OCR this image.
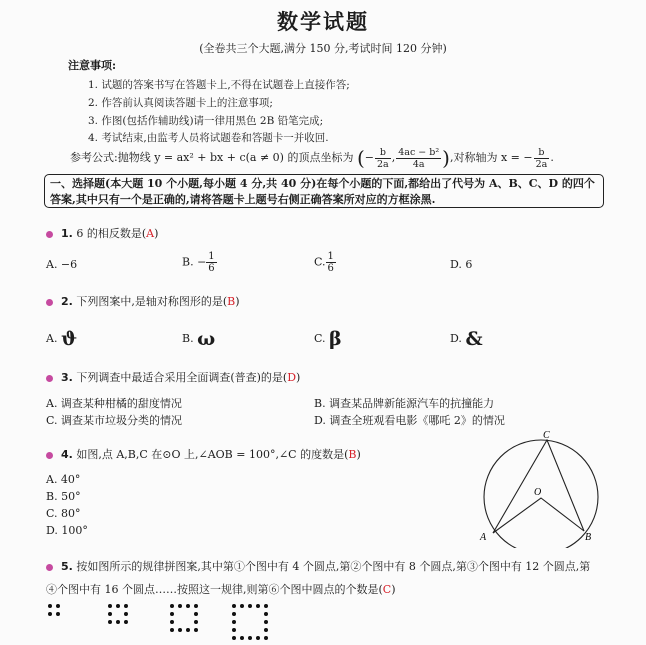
数学试题
(全卷共三个大题,满分 150 分,考试时间 120 分钟)
注意事项:
1. 试题的答案书写在答题卡上,不得在试题卷上直接作答;
2. 作答前认真阅读答题卡上的注意事项;
3. 作图(包括作辅助线)请一律用黑色 2B 铅笔完成;
4. 考试结束,由监考人员将试题卷和答题卡一并收回.
参考公式:抛物线 y = ax² + bx + c(a ≠ 0) 的顶点坐标为 (− $\frac{b}{2a}$ , $\frac{\text{4ac − b²}}{4a}$ ),对称轴为 x = − $\frac{b}{2a}$ .
一、选择题(本大题 10 个小题,每小题 4 分,共 40 分)在每个小题的下面,都给出了代号为 A、B、C、D 的四个答案,其中只有一个是正确的,请将答题卡上题号右侧正确答案所对应的方框涂黑.
1. 6 的相反数是(A)
A. −6	B. − $\frac{1}{6}$	C. $\frac{1}{6}$	D. 6
2. 下列图案中,是轴对称图形的是(B)
A. ϑ	B. ω	C. β	D. &
3. 下列调查中最适合采用全面调查(普查)的是(D)
A. 调查某种柑橘的甜度情况	B. 调查某品牌新能源汽车的抗撞能力
C. 调查某市垃圾分类的情况	D. 调查全班观看电影《哪吒 2》的情况
4. 如图,点 A,B,C 在⊙O 上,∠AOB = 100°,∠C 的度数是(B)
A. 40°
B. 50°
C. 80°
D. 100°
A	B
C
O
5. 按如图所示的规律拼图案,其中第①个图中有 4 个圆点,第②个图中有 8 个圆点,第③个图中有 12 个圆点,第
④个图中有 16 个圆点……按照这一规律,则第⑥个图中圆点的个数是(C)
